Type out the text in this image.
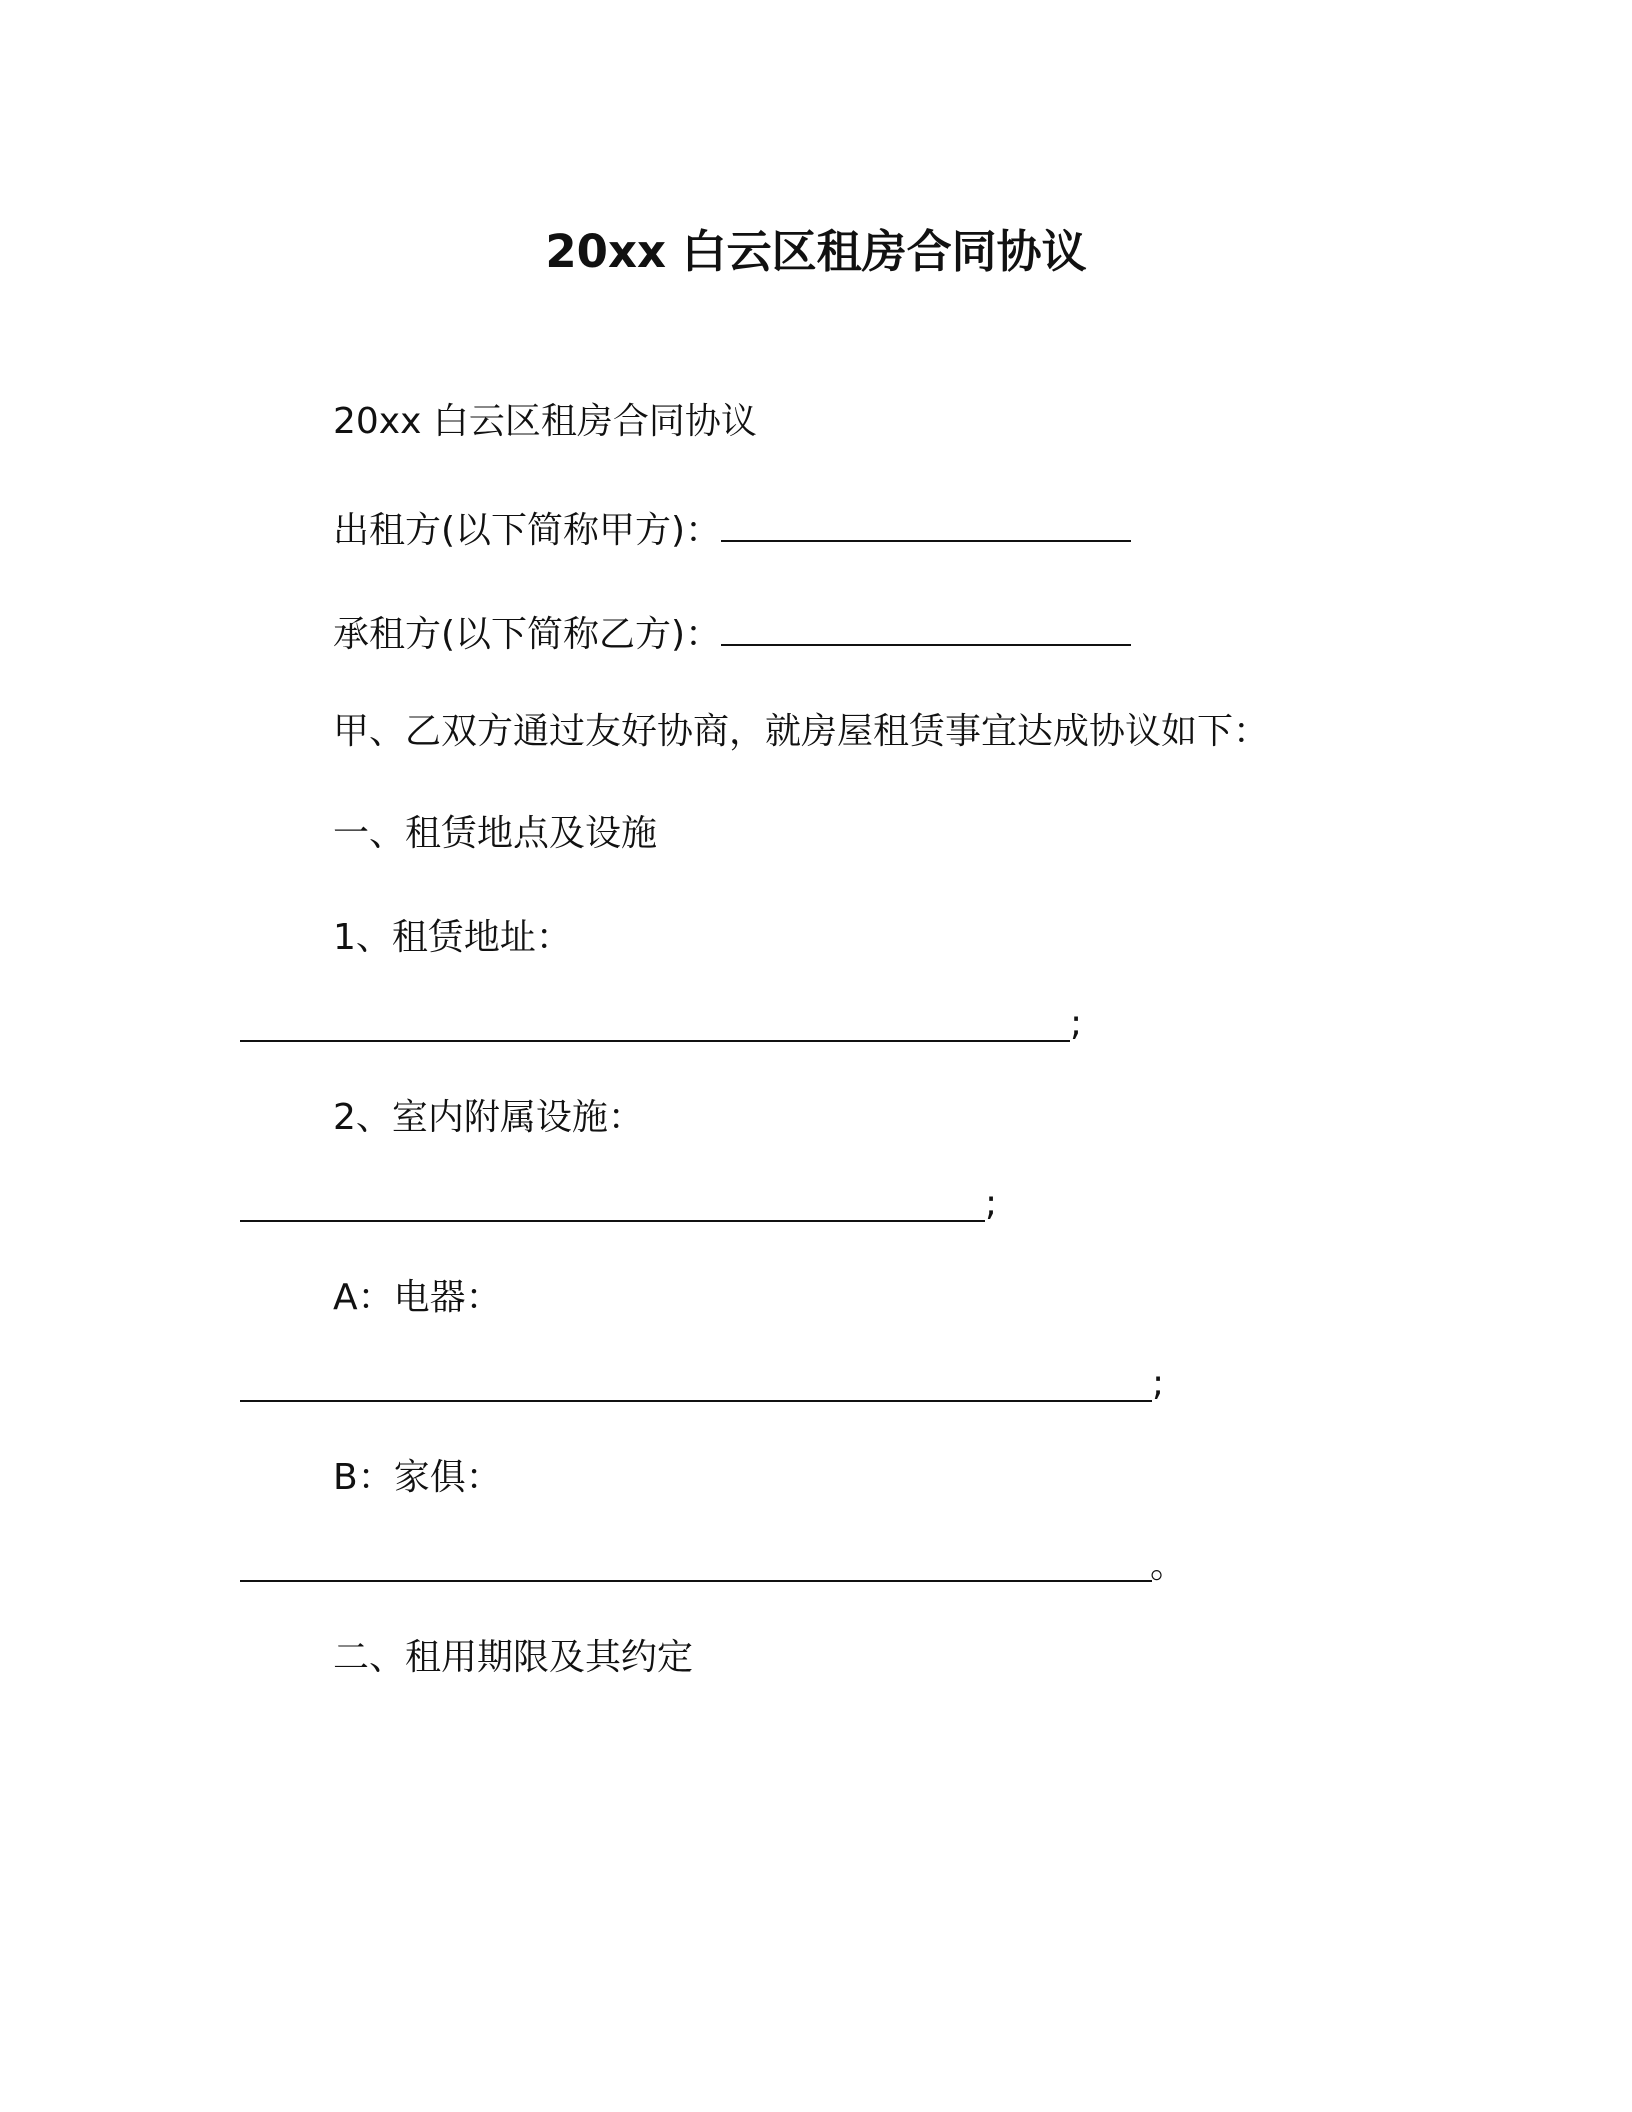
20xx 白云区租房合同协议
20xx 白云区租房合同协议
出租方(以下简称甲方)：
承租方(以下简称乙方)：
甲、乙双方通过友好协商，就房屋租赁事宜达成协议如下：
一、租赁地点及设施
1、租赁地址：
;
2、室内附属设施：
;
A：电器：
;
B：家俱：
。
二、租用期限及其约定
